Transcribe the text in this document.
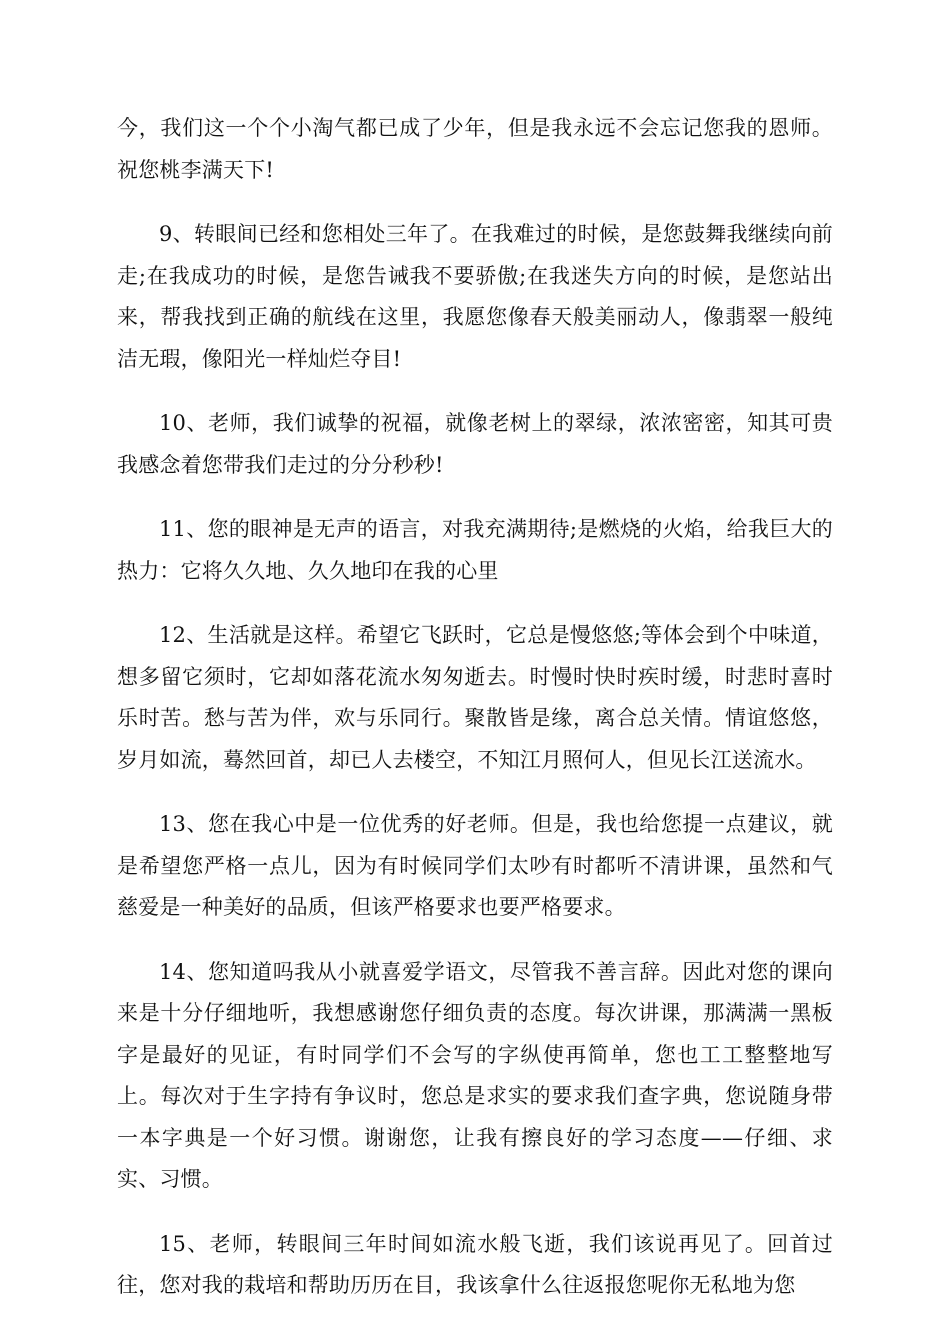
今，我们这一个个小淘气都已成了少年，但是我永远不会忘记您我的恩师。祝您桃李满天下!

9、转眼间已经和您相处三年了。在我难过的时候，是您鼓舞我继续向前走;在我成功的时候，是您告诫我不要骄傲;在我迷失方向的时候，是您站出来，帮我找到正确的航线在这里，我愿您像春天般美丽动人，像翡翠一般纯洁无瑕，像阳光一样灿烂夺目!

10、老师，我们诚挚的祝福，就像老树上的翠绿，浓浓密密，知其可贵我感念着您带我们走过的分分秒秒!

11、您的眼神是无声的语言，对我充满期待;是燃烧的火焰，给我巨大的热力：它将久久地、久久地印在我的心里

12、生活就是这样。希望它飞跃时，它总是慢悠悠;等体会到个中味道，想多留它须时，它却如落花流水匆匆逝去。时慢时快时疾时缓，时悲时喜时乐时苦。愁与苦为伴，欢与乐同行。聚散皆是缘，离合总关情。情谊悠悠，岁月如流，蓦然回首，却已人去楼空，不知江月照何人，但见长江送流水。

13、您在我心中是一位优秀的好老师。但是，我也给您提一点建议，就是希望您严格一点儿，因为有时候同学们太吵有时都听不清讲课，虽然和气慈爱是一种美好的品质，但该严格要求也要严格要求。

14、您知道吗我从小就喜爱学语文，尽管我不善言辞。因此对您的课向来是十分仔细地听，我想感谢您仔细负责的态度。每次讲课，那满满一黑板字是最好的见证，有时同学们不会写的字纵使再简单，您也工工整整地写上。每次对于生字持有争议时，您总是求实的要求我们查字典，您说随身带一本字典是一个好习惯。谢谢您，让我有擦良好的学习态度——仔细、求实、习惯。

15、老师，转眼间三年时间如流水般飞逝，我们该说再见了。回首过往，您对我的栽培和帮助历历在目，我该拿什么往返报您呢你无私地为您
